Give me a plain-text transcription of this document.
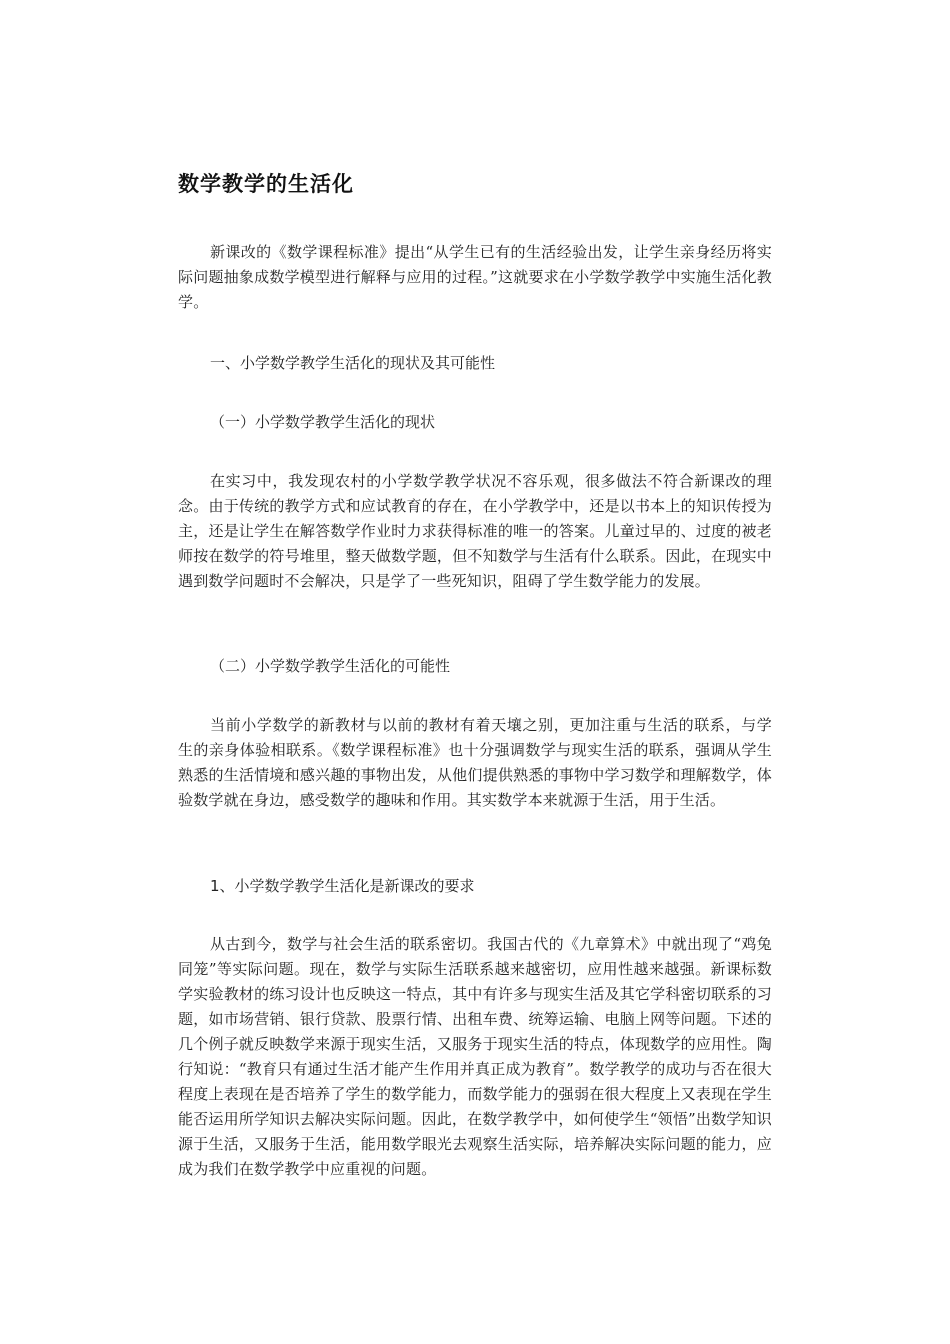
数学教学的生活化

新课改的《数学课程标准》提出“从学生已有的生活经验出发，让学生亲身经历将实际问题抽象成数学模型进行解释与应用的过程。”这就要求在小学数学教学中实施生活化教学。

一、小学数学教学生活化的现状及其可能性

（一）小学数学教学生活化的现状

在实习中，我发现农村的小学数学教学状况不容乐观，很多做法不符合新课改的理念。由于传统的教学方式和应试教育的存在，在小学教学中，还是以书本上的知识传授为主，还是让学生在解答数学作业时力求获得标准的唯一的答案。儿童过早的、过度的被老师按在数学的符号堆里，整天做数学题，但不知数学与生活有什么联系。因此，在现实中遇到数学问题时不会解决，只是学了一些死知识，阻碍了学生数学能力的发展。

（二）小学数学教学生活化的可能性

当前小学数学的新教材与以前的教材有着天壤之别，更加注重与生活的联系，与学生的亲身体验相联系。《数学课程标准》也十分强调数学与现实生活的联系，强调从学生熟悉的生活情境和感兴趣的事物出发，从他们提供熟悉的事物中学习数学和理解数学，体验数学就在身边，感受数学的趣味和作用。其实数学本来就源于生活，用于生活。

1、小学数学教学生活化是新课改的要求

从古到今，数学与社会生活的联系密切。我国古代的《九章算术》中就出现了“鸡兔同笼”等实际问题。现在，数学与实际生活联系越来越密切，应用性越来越强。新课标数学实验教材的练习设计也反映这一特点，其中有许多与现实生活及其它学科密切联系的习题，如市场营销、银行贷款、股票行情、出租车费、统筹运输、电脑上网等问题。下述的几个例子就反映数学来源于现实生活，又服务于现实生活的特点，体现数学的应用性。陶行知说：“教育只有通过生活才能产生作用并真正成为教育”。数学教学的成功与否在很大程度上表现在是否培养了学生的数学能力，而数学能力的强弱在很大程度上又表现在学生能否运用所学知识去解决实际问题。因此，在数学教学中，如何使学生“领悟”出数学知识源于生活，又服务于生活，能用数学眼光去观察生活实际，培养解决实际问题的能力，应成为我们在数学教学中应重视的问题。
